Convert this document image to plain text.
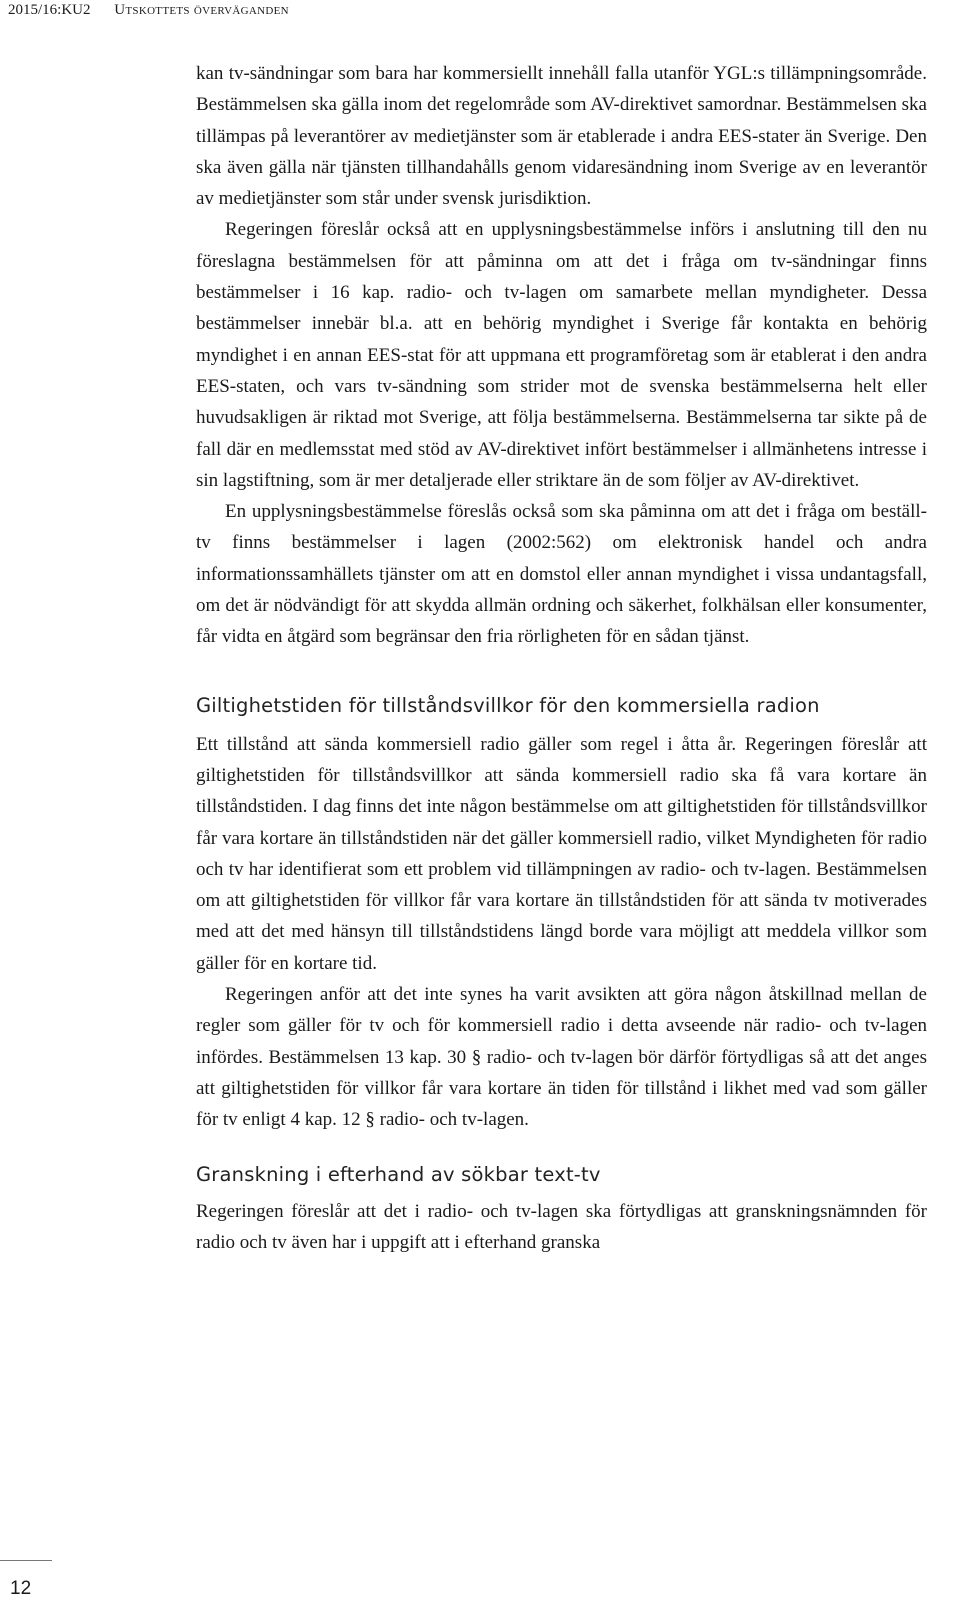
2015/16:KU2 Utskottets överväganden

kan tv-sändningar som bara har kommersiellt innehåll falla utanför YGL:s tillämpningsområde. Bestämmelsen ska gälla inom det regelområde som AV-direktivet samordnar. Bestämmelsen ska tillämpas på leverantörer av medietjänster som är etablerade i andra EES-stater än Sverige. Den ska även gälla när tjänsten tillhandahålls genom vidaresändning inom Sverige av en leverantör av medietjänster som står under svensk jurisdiktion.

Regeringen föreslår också att en upplysningsbestämmelse införs i anslutning till den nu föreslagna bestämmelsen för att påminna om att det i fråga om tv-sändningar finns bestämmelser i 16 kap. radio- och tv-lagen om samarbete mellan myndigheter. Dessa bestämmelser innebär bl.a. att en behörig myndighet i Sverige får kontakta en behörig myndighet i en annan EES-stat för att uppmana ett programföretag som är etablerat i den andra EES-staten, och vars tv-sändning som strider mot de svenska bestämmelserna helt eller huvudsakligen är riktad mot Sverige, att följa bestämmelserna. Bestämmelserna tar sikte på de fall där en medlemsstat med stöd av AV-direktivet infört bestämmelser i allmänhetens intresse i sin lagstiftning, som är mer detaljerade eller striktare än de som följer av AV-direktivet.

En upplysningsbestämmelse föreslås också som ska påminna om att det i fråga om beställ-tv finns bestämmelser i lagen (2002:562) om elektronisk handel och andra informationssamhällets tjänster om att en domstol eller annan myndighet i vissa undantagsfall, om det är nödvändigt för att skydda allmän ordning och säkerhet, folkhälsan eller konsumenter, får vidta en åtgärd som begränsar den fria rörligheten för en sådan tjänst.

Giltighetstiden för tillståndsvillkor för den kommersiella radion

Ett tillstånd att sända kommersiell radio gäller som regel i åtta år. Regeringen föreslår att giltighetstiden för tillståndsvillkor att sända kommersiell radio ska få vara kortare än tillståndstiden. I dag finns det inte någon bestämmelse om att giltighetstiden för tillståndsvillkor får vara kortare än tillståndstiden när det gäller kommersiell radio, vilket Myndigheten för radio och tv har identifierat som ett problem vid tillämpningen av radio- och tv-lagen. Bestämmelsen om att giltighetstiden för villkor får vara kortare än tillståndstiden för att sända tv motiverades med att det med hänsyn till tillståndstidens längd borde vara möjligt att meddela villkor som gäller för en kortare tid.

Regeringen anför att det inte synes ha varit avsikten att göra någon åtskillnad mellan de regler som gäller för tv och för kommersiell radio i detta avseende när radio- och tv-lagen infördes. Bestämmelsen 13 kap. 30 § radio- och tv-lagen bör därför förtydligas så att det anges att giltighetstiden för villkor får vara kortare än tiden för tillstånd i likhet med vad som gäller för tv enligt 4 kap. 12 § radio- och tv-lagen.

Granskning i efterhand av sökbar text-tv

Regeringen föreslår att det i radio- och tv-lagen ska förtydligas att granskningsnämnden för radio och tv även har i uppgift att i efterhand granska

12
